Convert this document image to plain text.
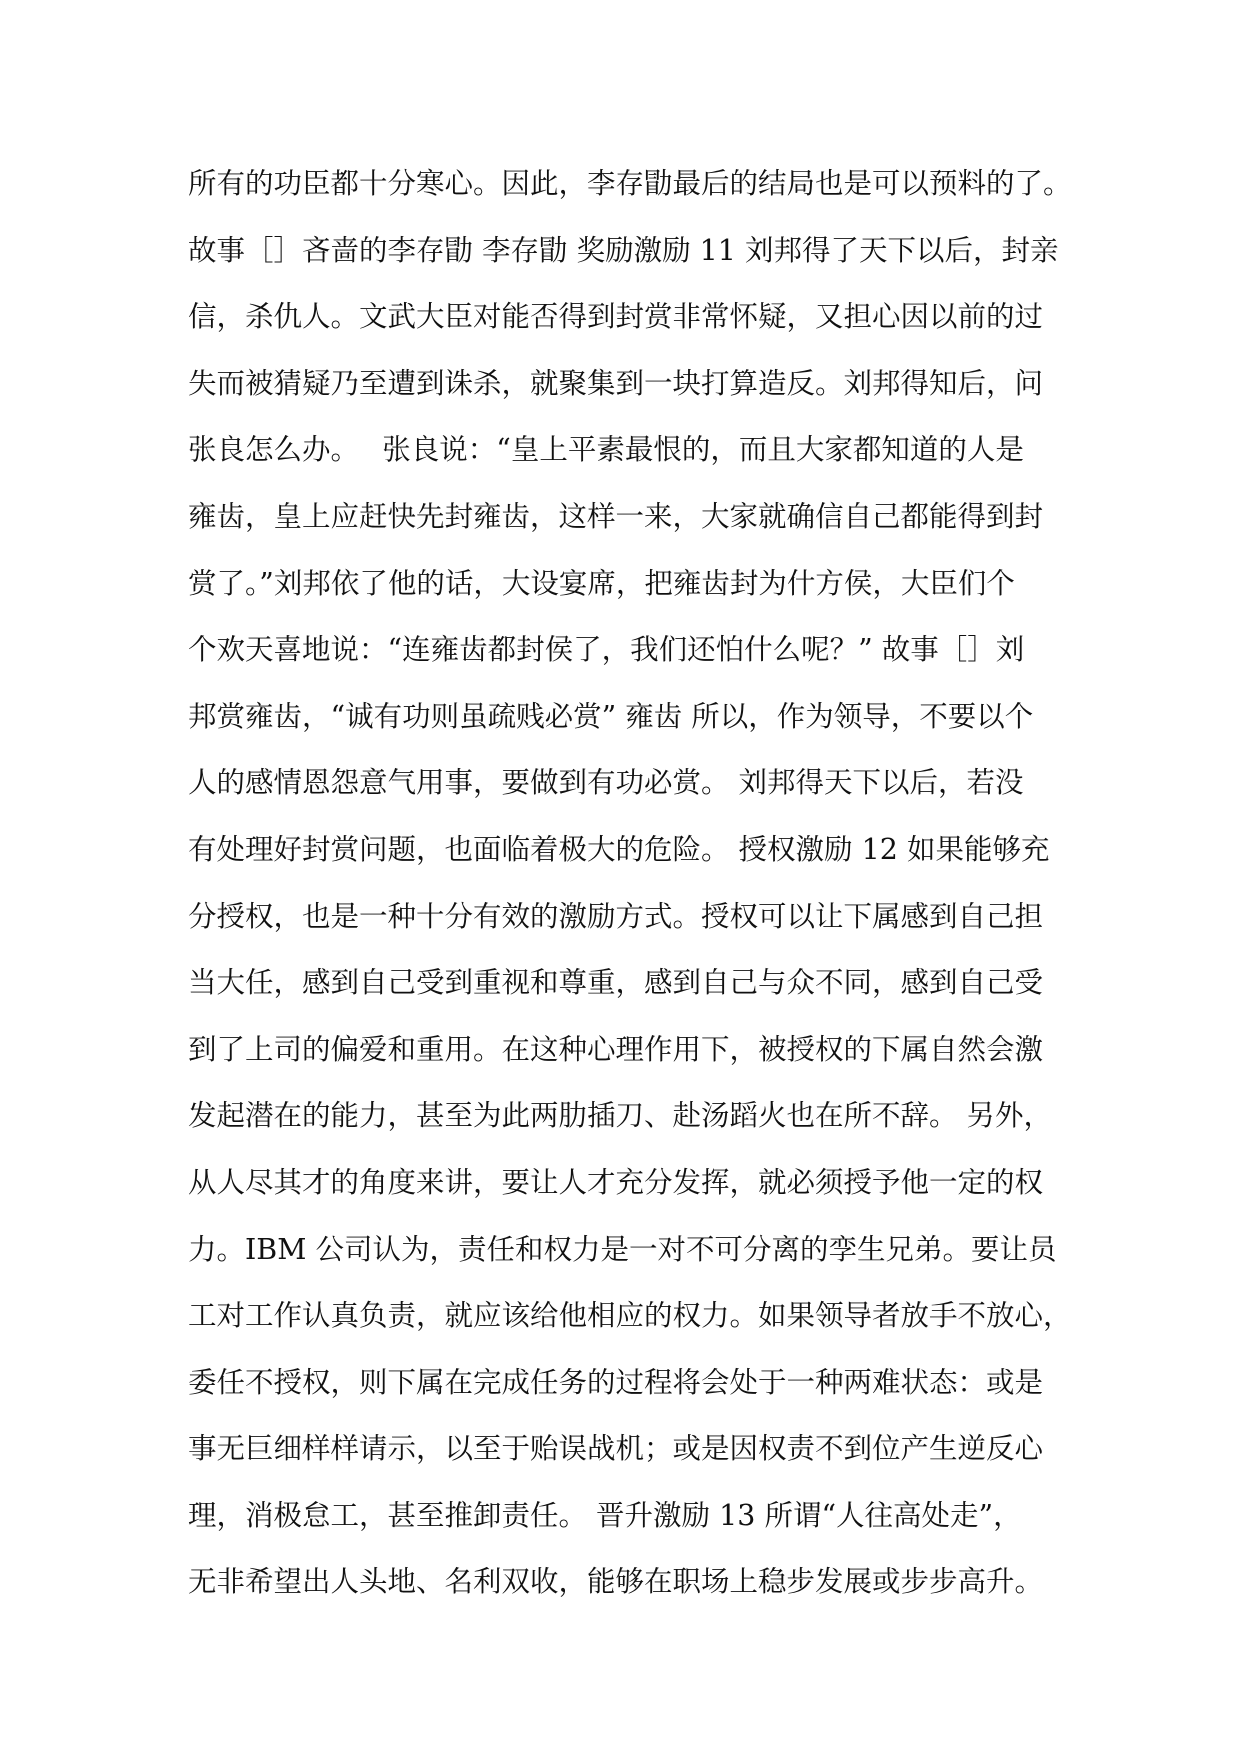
所有的功臣都十分寒心。因此，李存勖最后的结局也是可以预料的了。
故事［］吝啬的李存勖 李存勖 奖励激励 11 刘邦得了天下以后，封亲
信，杀仇人。文武大臣对能否得到封赏非常怀疑，又担心因以前的过
失而被猜疑乃至遭到诛杀，就聚集到一块打算造反。刘邦得知后，问
张良怎么办。　 张良说：“皇上平素最恨的，而且大家都知道的人是
雍齿，皇上应赶快先封雍齿，这样一来，大家就确信自己都能得到封
赏了。”刘邦依了他的话，大设宴席，把雍齿封为什方侯，大臣们个
个欢天喜地说：“连雍齿都封侯了，我们还怕什么呢？” 故事［］刘
邦赏雍齿，“诚有功则虽疏贱必赏” 雍齿 所以，作为领导，不要以个
人的感情恩怨意气用事，要做到有功必赏。 刘邦得天下以后，若没
有处理好封赏问题，也面临着极大的危险。 授权激励 12 如果能够充
分授权，也是一种十分有效的激励方式。授权可以让下属感到自己担
当大任，感到自己受到重视和尊重，感到自己与众不同，感到自己受
到了上司的偏爱和重用。在这种心理作用下，被授权的下属自然会激
发起潜在的能力，甚至为此两肋插刀、赴汤蹈火也在所不辞。 另外，
从人尽其才的角度来讲，要让人才充分发挥，就必须授予他一定的权
力。IBM 公司认为，责任和权力是一对不可分离的孪生兄弟。要让员
工对工作认真负责，就应该给他相应的权力。如果领导者放手不放心，
委任不授权，则下属在完成任务的过程将会处于一种两难状态：或是
事无巨细样样请示，以至于贻误战机；或是因权责不到位产生逆反心
理，消极怠工，甚至推卸责任。 晋升激励 13 所谓“人往高处走”，
无非希望出人头地、名利双收，能够在职场上稳步发展或步步高升。
